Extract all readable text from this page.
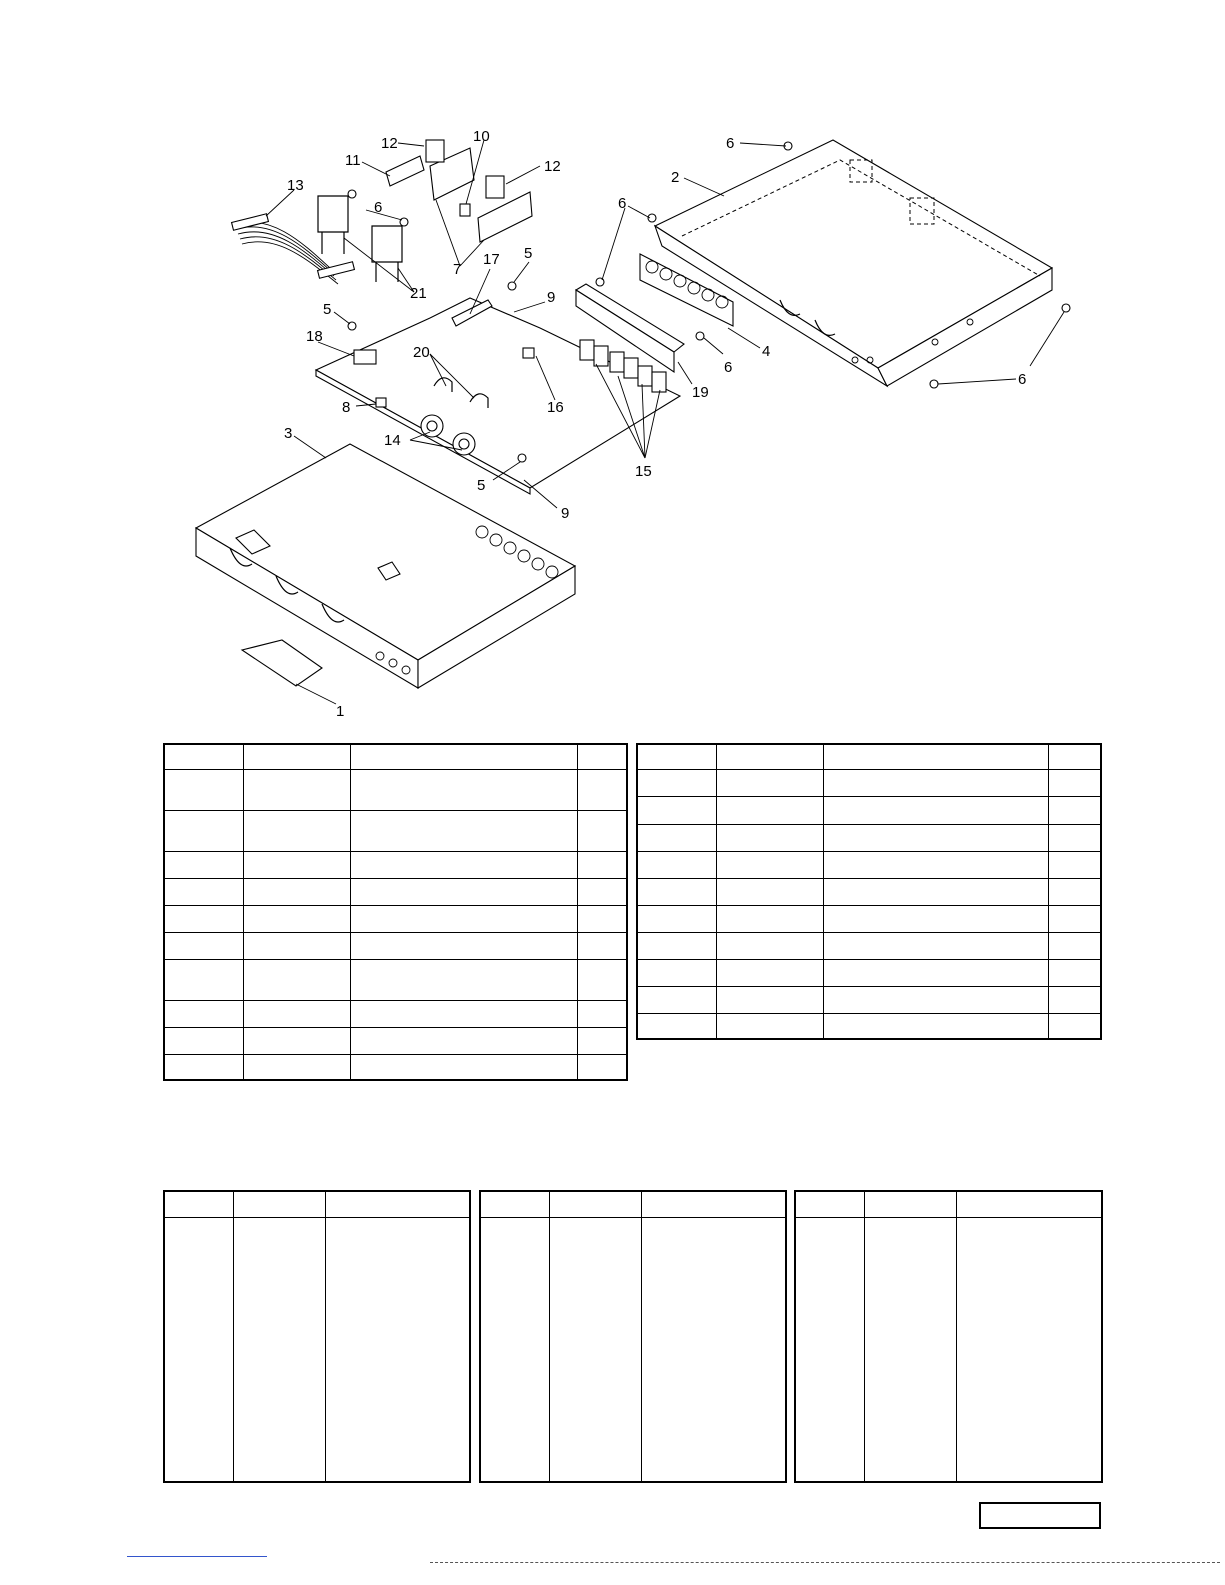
1
2
3
4
5
5
5
6
6
6
6
6
7
8
9
9
10
11
12
12
13
14
15
16
17
18
19
20
21
